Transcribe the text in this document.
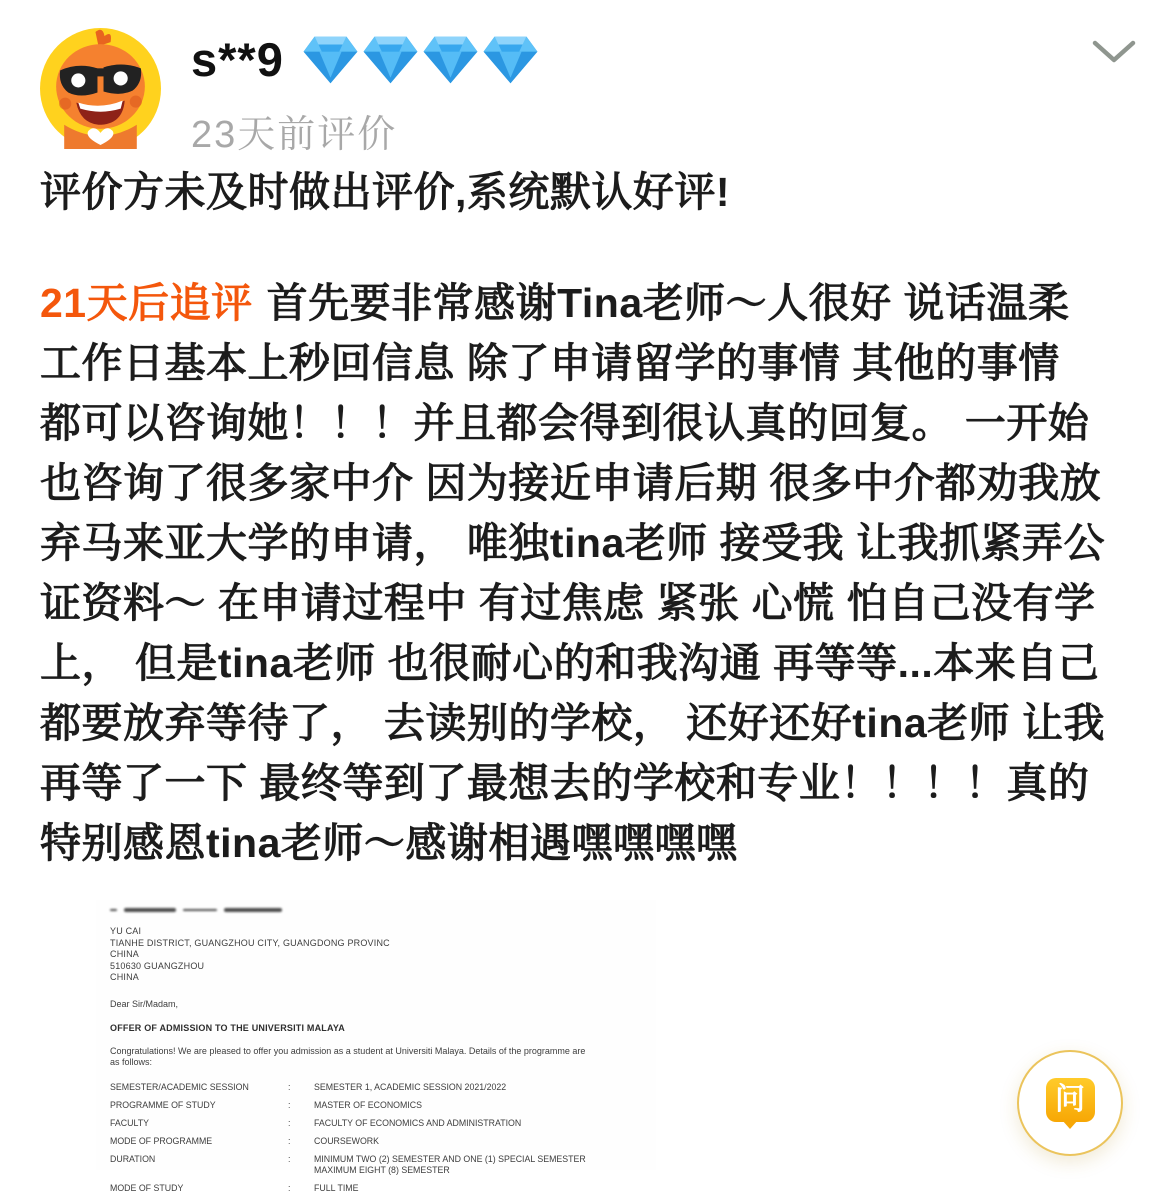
s**9
23天前评价
评价方未及时做出评价,系统默认好评!
21天后追评 首先要非常感谢Tina老师～人很好 说话温柔
工作日基本上秒回信息 除了申请留学的事情 其他的事情
都可以咨询她！！！并且都会得到很认真的回复。 一开始
也咨询了很多家中介 因为接近申请后期 很多中介都劝我放
弃马来亚大学的申请， 唯独tina老师 接受我 让我抓紧弄公
证资料～ 在申请过程中 有过焦虑 紧张 心慌 怕自己没有学
上， 但是tina老师 也很耐心的和我沟通 再等等...本来自己
都要放弃等待了， 去读别的学校， 还好还好tina老师 让我
再等了一下 最终等到了最想去的学校和专业！！！！真的
特别感恩tina老师～感谢相遇嘿嘿嘿嘿
YU CAI
TIANHE DISTRICT, GUANGZHOU CITY, GUANGDONG PROVINC
CHINA
510630 GUANGZHOU
CHINA
Dear Sir/Madam,
OFFER OF ADMISSION TO THE UNIVERSITI MALAYA
Congratulations! We are pleased to offer you admission as a student at Universiti Malaya. Details of the programme are
as follows:
SEMESTER/ACADEMIC SESSION	:	SEMESTER 1, ACADEMIC SESSION 2021/2022
PROGRAMME OF STUDY	:	MASTER OF ECONOMICS
FACULTY	:	FACULTY OF ECONOMICS AND ADMINISTRATION
MODE OF PROGRAMME	:	COURSEWORK
DURATION	:	MINIMUM TWO (2) SEMESTER AND ONE (1) SPECIAL SEMESTER
MAXIMUM EIGHT (8) SEMESTER
MODE OF STUDY	:	FULL TIME
问
